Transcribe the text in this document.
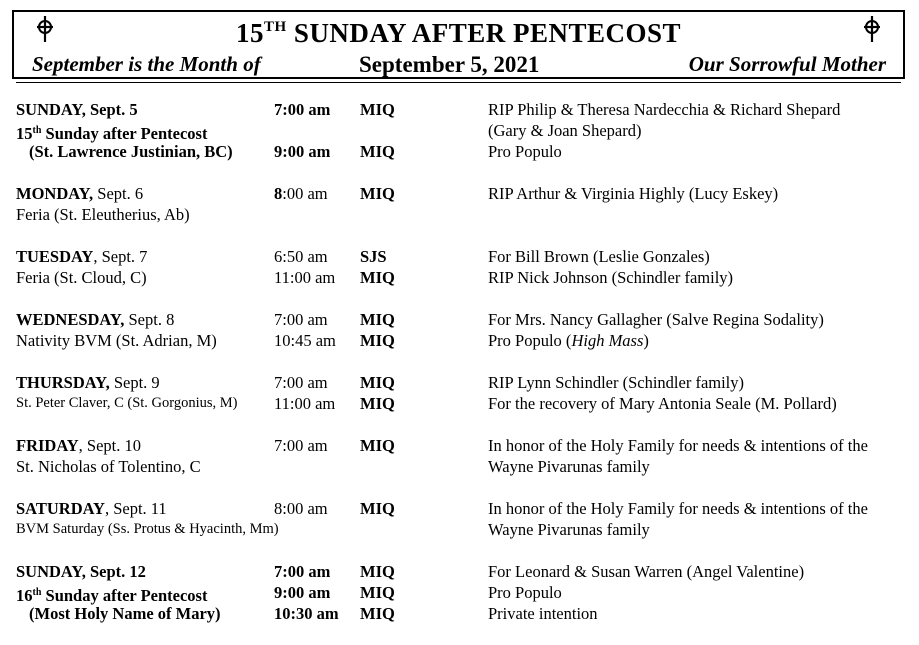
15TH SUNDAY AFTER PENTECOST
September is the Month of	September 5, 2021	Our Sorrowful Mother
SUNDAY, Sept. 5	7:00 am MIQ	RIP Philip & Theresa Nardecchia & Richard Shepard
15th Sunday after Pentecost	(Gary & Joan Shepard)
(St. Lawrence Justinian, BC)	9:00 am MIQ	Pro Populo
MONDAY, Sept. 6	8:00 am MIQ	RIP Arthur & Virginia Highly (Lucy Eskey)
Feria (St. Eleutherius, Ab)
TUESDAY, Sept. 7	6:50 am SJS	For Bill Brown (Leslie Gonzales)
Feria (St. Cloud, C)	11:00 am MIQ	RIP Nick Johnson (Schindler family)
WEDNESDAY, Sept. 8	7:00 am MIQ	For Mrs. Nancy Gallagher (Salve Regina Sodality)
Nativity BVM (St. Adrian, M)	10:45 am MIQ	Pro Populo (High Mass)
THURSDAY, Sept. 9	7:00 am MIQ	RIP Lynn Schindler (Schindler family)
St. Peter Claver, C (St. Gorgonius, M) 11:00 am MIQ	For the recovery of Mary Antonia Seale (M. Pollard)
FRIDAY, Sept. 10	7:00 am MIQ	In honor of the Holy Family for needs & intentions of the
St. Nicholas of Tolentino, C	Wayne Pivarunas family
SATURDAY, Sept. 11	8:00 am MIQ	In honor of the Holy Family for needs & intentions of the
BVM Saturday (Ss. Protus & Hyacinth, Mm)	Wayne Pivarunas family
SUNDAY, Sept. 12	7:00 am MIQ	For Leonard & Susan Warren (Angel Valentine)
16th Sunday after Pentecost	9:00 am MIQ	Pro Populo
(Most Holy Name of Mary)	10:30 am MIQ	Private intention
